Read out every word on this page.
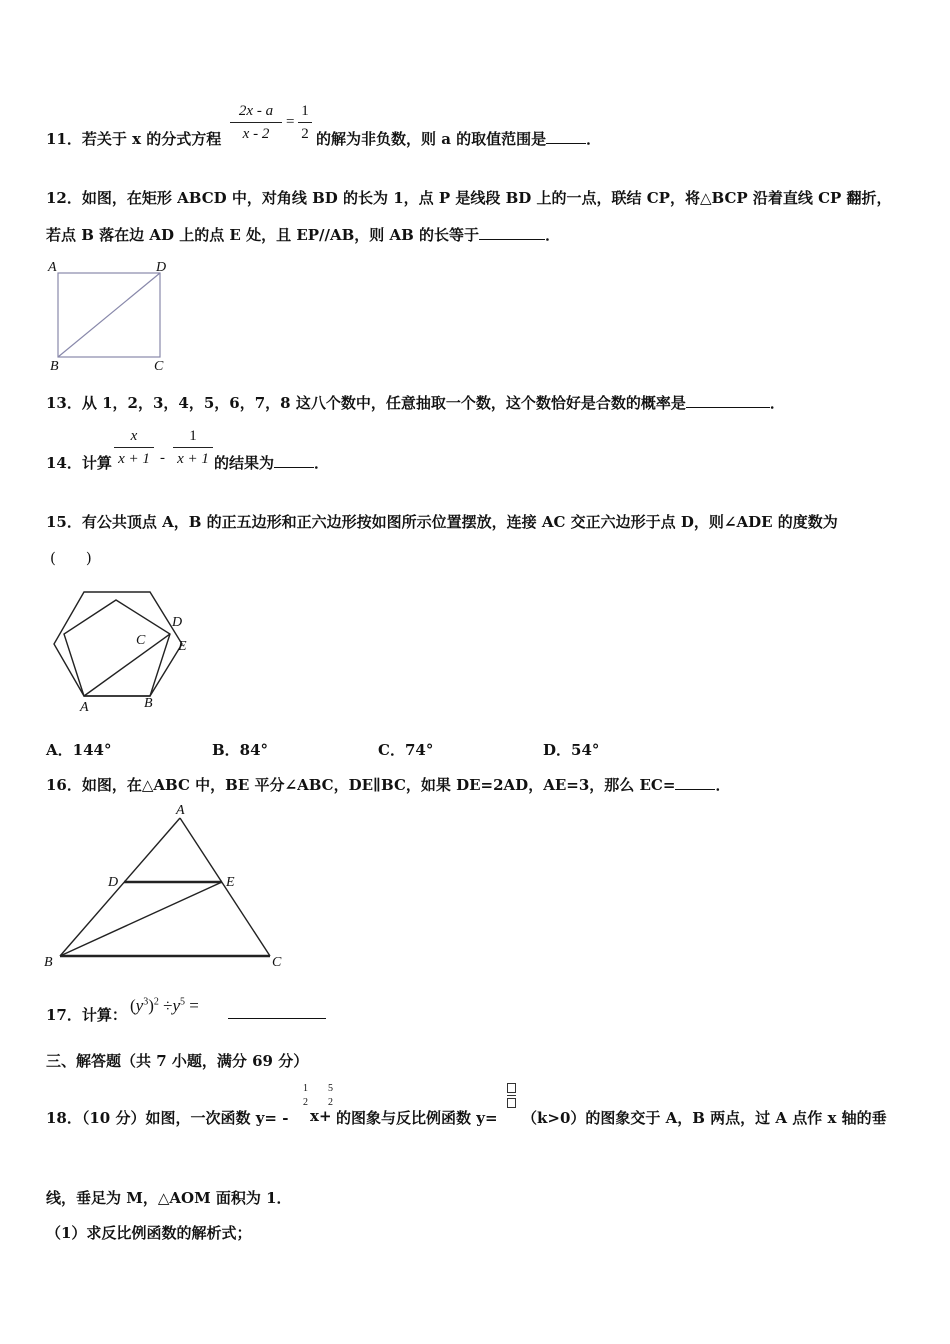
11．若关于 x 的分式方程
2x - a
x - 2
=
1
2 的解为非负数，则 a 的取值范围是	．
12．如图，在矩形 ABCD 中，对角线 BD 的长为 1，点 P 是线段 BD 上的一点，联结 CP，将△BCP 沿着直线 CP 翻折，
若点 B 落在边 AD 上的点 E 处，且 EP//AB，则 AB 的长等于	．
A	D
B	C
13．从 1，2，3，4，5，6，7，8 这八个数中，任意抽取一个数，这个数恰好是合数的概率是	．
14．计算
x
x + 1 -
1
x + 1 的结果为	．
15．有公共顶点 A，B 的正五边形和正六边形按如图所示位置摆放，连接 AC 交正六边形于点 D，则∠ADE 的度数为
(　　)
C
D
E
A	B
A．144°	B．84°	C．74°	D．54°
16．如图，在△ABC 中，BE 平分∠ABC，DE∥BC，如果 DE=2AD，AE=3，那么 EC=	．
A
D	E
B	C
17．计算： $(y^3)^2 \div y^5$ =
三、解答题（共 7 小题，满分 69 分）
18．（10 分）如图，一次函数 y= -
1
2
x+
5
2
的图象与反比例函数 y= （k>0）的图象交于 A，B 两点，过 A 点作 x 轴的垂
线，垂足为 M，△AOM 面积为 1．
（1）求反比例函数的解析式；
